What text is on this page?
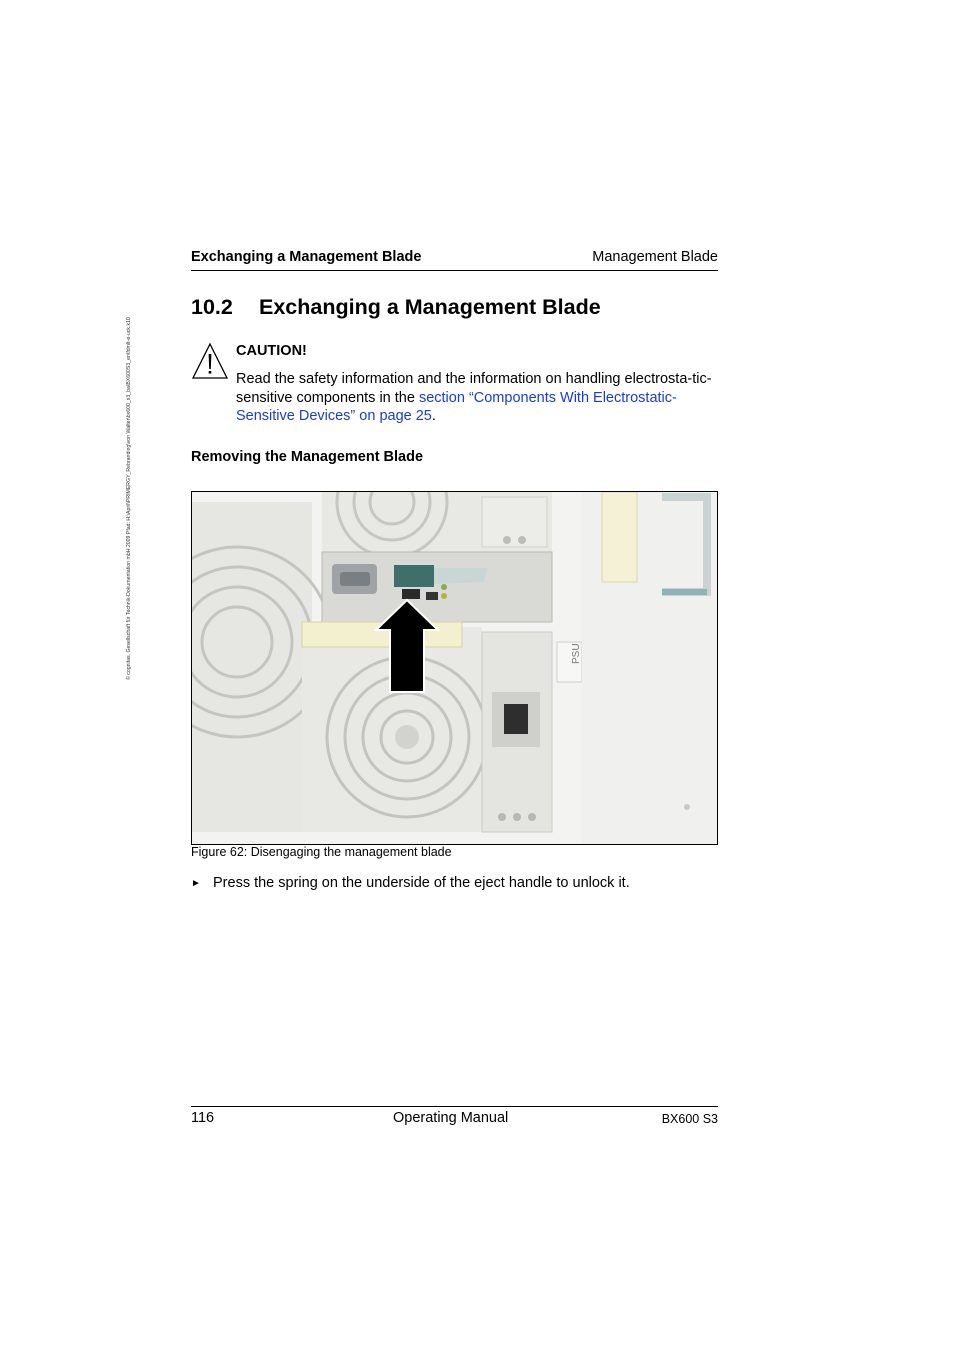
© cognitas. Gesellschaft für Technik-Dokumentation mbH 2009 Pfad: H:\April\PRIMERGY_Rebranding\von Walter\bx600_s3_ba\BX600S3_en\fdmlt-e-uck.k10
Exchanging a Management Blade	Management Blade
10.2 Exchanging a Management Blade
CAUTION!
Read the safety information and the information on handling electrosta-tic-sensitive components in the section “Components With Electrostatic-Sensitive Devices” on page 25.
Removing the Management Blade
PSU
Figure 62: Disengaging the management blade
► Press the spring on the underside of the eject handle to unlock it.
116	Operating Manual	BX600 S3
